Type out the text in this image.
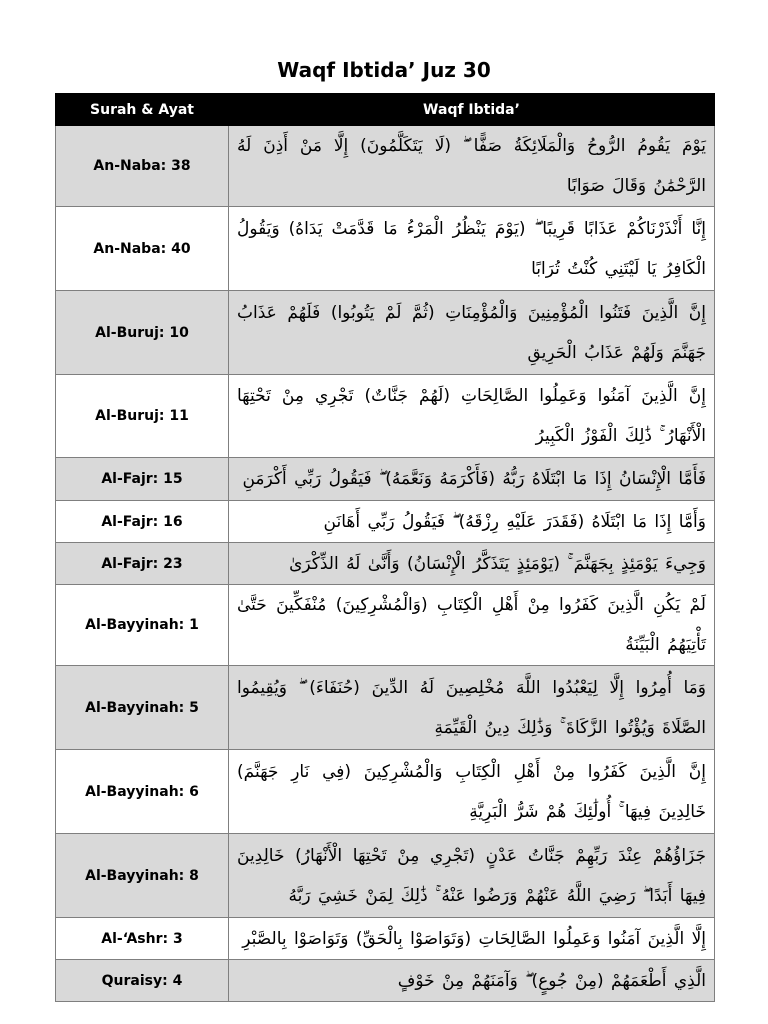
Waqf Ibtida’ Juz 30
Surah & Ayat	Waqf Ibtida’
An-Naba: 38	يَوْمَ يَقُومُ الرُّوحُ وَالْمَلَائِكَةُ صَفًّا ۖ (لَا يَتَكَلَّمُونَ) إِلَّا مَنْ أَذِنَ لَهُ الرَّحْمَٰنُ وَقَالَ صَوَابًا
An-Naba: 40	إِنَّا أَنْذَرْنَاكُمْ عَذَابًا قَرِيبًا ۖ (يَوْمَ يَنْظُرُ الْمَرْءُ مَا قَدَّمَتْ يَدَاهُ) وَيَقُولُ الْكَافِرُ يَا لَيْتَنِي كُنْتُ تُرَابًا
Al-Buruj: 10	إِنَّ الَّذِينَ فَتَنُوا الْمُؤْمِنِينَ وَالْمُؤْمِنَاتِ (ثُمَّ لَمْ يَتُوبُوا) فَلَهُمْ عَذَابُ جَهَنَّمَ وَلَهُمْ عَذَابُ الْحَرِيقِ
Al-Buruj: 11	إِنَّ الَّذِينَ آمَنُوا وَعَمِلُوا الصَّالِحَاتِ (لَهُمْ جَنَّاتٌ) تَجْرِي مِنْ تَحْتِهَا الْأَنْهَارُ ۚ ذَٰلِكَ الْفَوْزُ الْكَبِيرُ
Al-Fajr: 15	فَأَمَّا الْإِنْسَانُ إِذَا مَا ابْتَلَاهُ رَبُّهُ (فَأَكْرَمَهُ وَنَعَّمَهُ) ۖ فَيَقُولُ رَبِّي أَكْرَمَنِ
Al-Fajr: 16	وَأَمَّا إِذَا مَا ابْتَلَاهُ (فَقَدَرَ عَلَيْهِ رِزْقَهُ) ۖ فَيَقُولُ رَبِّي أَهَانَنِ
Al-Fajr: 23	وَجِيءَ يَوْمَئِذٍ بِجَهَنَّمَ ۚ (يَوْمَئِذٍ يَتَذَكَّرُ الْإِنْسَانُ) وَأَنَّىٰ لَهُ الذِّكْرَىٰ
Al-Bayyinah: 1	لَمْ يَكُنِ الَّذِينَ كَفَرُوا مِنْ أَهْلِ الْكِتَابِ (وَالْمُشْرِكِينَ) مُنْفَكِّينَ حَتَّىٰ تَأْتِيَهُمُ الْبَيِّنَةُ
Al-Bayyinah: 5	وَمَا أُمِرُوا إِلَّا لِيَعْبُدُوا اللَّهَ مُخْلِصِينَ لَهُ الدِّينَ (حُنَفَاءَ) ۖ وَيُقِيمُوا الصَّلَاةَ وَيُؤْتُوا الزَّكَاةَ ۚ وَذَٰلِكَ دِينُ الْقَيِّمَةِ
Al-Bayyinah: 6	إِنَّ الَّذِينَ كَفَرُوا مِنْ أَهْلِ الْكِتَابِ وَالْمُشْرِكِينَ (فِي نَارِ جَهَنَّمَ) خَالِدِينَ فِيهَا ۚ أُولَٰئِكَ هُمْ شَرُّ الْبَرِيَّةِ
Al-Bayyinah: 8	جَزَاؤُهُمْ عِنْدَ رَبِّهِمْ جَنَّاتُ عَدْنٍ (تَجْرِي مِنْ تَحْتِهَا الْأَنْهَارُ) خَالِدِينَ فِيهَا أَبَدًا ۖ رَضِيَ اللَّهُ عَنْهُمْ وَرَضُوا عَنْهُ ۚ ذَٰلِكَ لِمَنْ خَشِيَ رَبَّهُ
Al-‘Ashr: 3	إِلَّا الَّذِينَ آمَنُوا وَعَمِلُوا الصَّالِحَاتِ (وَتَوَاصَوْا بِالْحَقِّ) وَتَوَاصَوْا بِالصَّبْرِ
Quraisy: 4	الَّذِي أَطْعَمَهُمْ (مِنْ جُوعٍ) ۖ وَآمَنَهُمْ مِنْ خَوْفٍ
